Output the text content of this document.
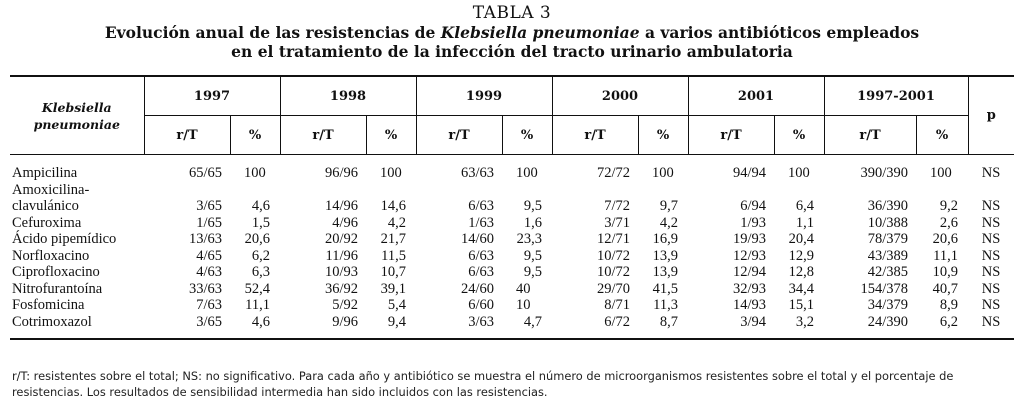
TABLA 3
Evolución anual de las resistencias de Klebsiella pneumoniae a varios antibióticos empleados
en el tratamiento de la infección del tracto urinario ambulatoria
Klebsiella
pneumoniae	1997		1998		1999		2000		2001		1997-2001		p
	r/T	%	r/T	%	r/T	%	r/T	%	r/T	%	r/T	%	
Ampicilina	65/65	100	96/96	100	63/63	100	72/72	100	94/94	100	390/390	100	NS
Amoxicilina-													
clavulánico	3/65	4,6	14/96	14,6	6/63	9,5	7/72	9,7	6/94	6,4	36/390	9,2	NS
Cefuroxima	1/65	1,5	4/96	4,2	1/63	1,6	3/71	4,2	1/93	1,1	10/388	2,6	NS
Ácido pipemídico	13/63	20,6	20/92	21,7	14/60	23,3	12/71	16,9	19/93	20,4	78/379	20,6	NS
Norfloxacino	4/65	6,2	11/96	11,5	6/63	9,5	10/72	13,9	12/93	12,9	43/389	11,1	NS
Ciprofloxacino	4/63	6,3	10/93	10,7	6/63	9,5	10/72	13,9	12/94	12,8	42/385	10,9	NS
Nitrofurantoína	33/63	52,4	36/92	39,1	24/60	40	29/70	41,5	32/93	34,4	154/378	40,7	NS
Fosfomicina	7/63	11,1	5/92	5,4	6/60	10	8/71	11,3	14/93	15,1	34/379	8,9	NS
Cotrimoxazol	3/65	4,6	9/96	9,4	3/63	4,7	6/72	8,7	3/94	3,2	24/390	6,2	NS
r/T: resistentes sobre el total; NS: no significativo. Para cada año y antibiótico se muestra el número de microorganismos resistentes sobre el total y el porcentaje de resistencias. Los resultados de sensibilidad intermedia han sido incluidos con las resistencias.
